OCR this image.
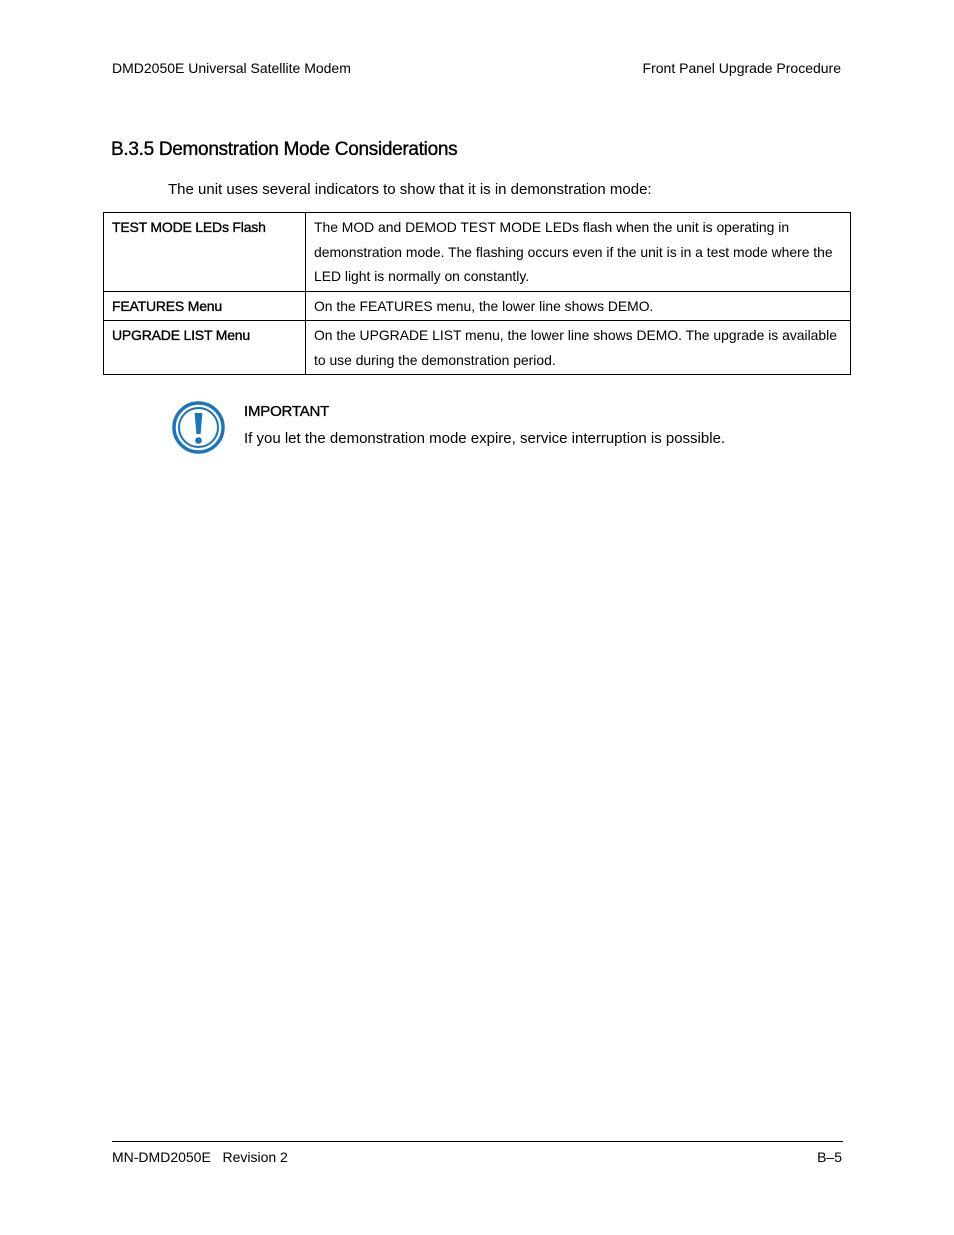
DMD2050E Universal Satellite Modem	Front Panel Upgrade Procedure
B.3.5 Demonstration Mode Considerations

The unit uses several indicators to show that it is in demonstration mode:

TEST MODE LEDs Flash	The MOD and DEMOD TEST MODE LEDs flash when the unit is operating in demonstration mode. The flashing occurs even if the unit is in a test mode where the LED light is normally on constantly.
FEATURES Menu	On the FEATURES menu, the lower line shows DEMO.
UPGRADE LIST Menu	On the UPGRADE LIST menu, the lower line shows DEMO. The upgrade is available to use during the demonstration period.
IMPORTANT
If you let the demonstration mode expire, service interruption is possible.
MN-DMD2050E   Revision 2	B–5
